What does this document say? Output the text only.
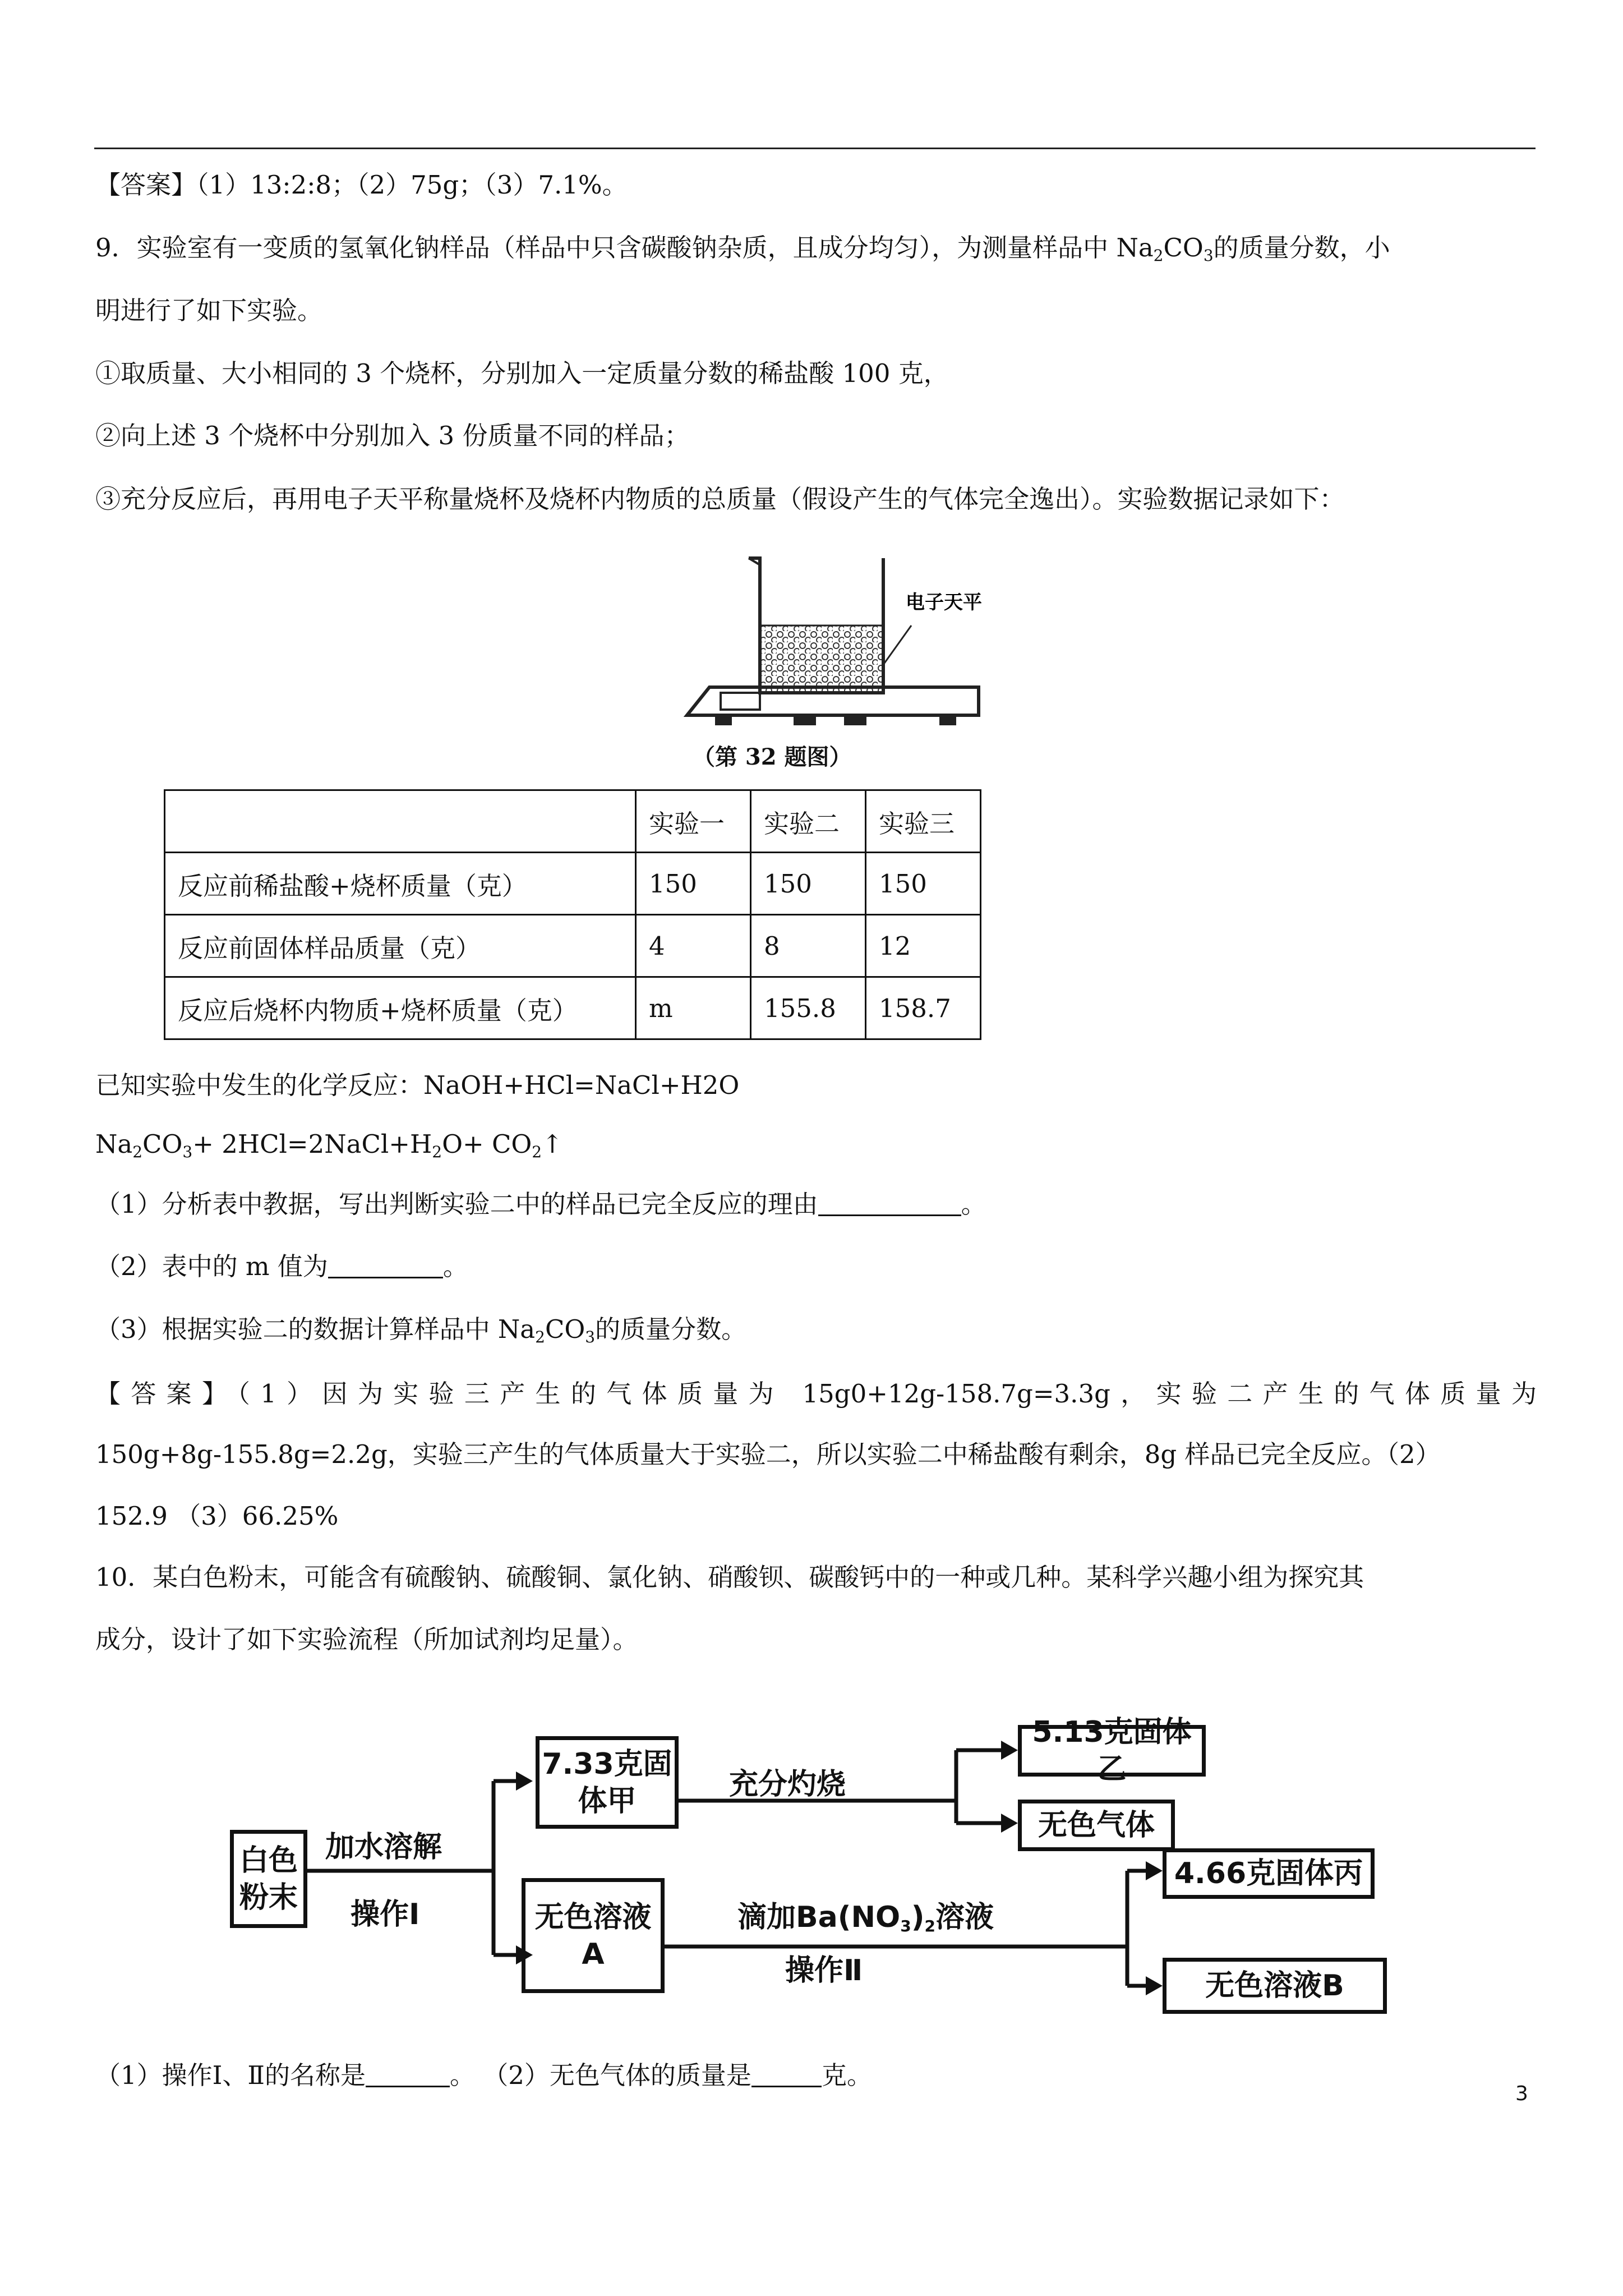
【答案】（1）13:2:8；（2）75g；（3）7.1%。
9．实验室有一变质的氢氧化钠样品（样品中只含碳酸钠杂质，且成分均匀），为测量样品中 $Na_2CO_3$的质量分数，小
明进行了如下实验。
①取质量、大小相同的 3 个烧杯，分别加入一定质量分数的稀盐酸 100 克，
②向上述 3 个烧杯中分别加入 3 份质量不同的样品；
③充分反应后，再用电子天平称量烧杯及烧杯内物质的总质量（假设产生的气体完全逸出）。实验数据记录如下：
电子天平
（第 32 题图）
	实验一	实验二	实验三
反应前稀盐酸+烧杯质量（克）	150	150	150
反应前固体样品质量（克）	4	8	12
反应后烧杯内物质+烧杯质量（克）	m	155.8	158.7
已知实验中发生的化学反应：NaOH+HCl=NaCl+H2O
$Na_2CO_3+$ $2HCl=2NaCl+H_2O+$ $CO_2↑$
（1）分析表中教据，写出判断实验二中的样品已完全反应的理由	。
（2）表中的 m 值为	。
（3）根据实验二的数据计算样品中 $Na_2CO_3$的质量分数。
【答案】（1）因为实验三产生的气体质量为 15g0+12g-158.7g=3.3g，实验二产生的气体质量为
150g+8g-155.8g=2.2g，实验三产生的气体质量大于实验二，所以实验二中稀盐酸有剩余，8g 样品已完全反应。（2）
152.9 （3）66.25%
10．某白色粉末，可能含有硫酸钠、硫酸铜、氯化钠、硝酸钡、碳酸钙中的一种或几种。某科学兴趣小组为探究其
成分，设计了如下实验流程（所加试剂均足量）。
白色粉末
加水溶解
操作Ⅰ
7.33克固体甲	充分灼烧
5.13克固体乙
无色气体
无色溶液A
滴加$Ba(NO_3)_2$溶液
操作Ⅱ
4.66克固体丙
无色溶液B
（1）操作Ⅰ、Ⅱ的名称是	。 （2）无色气体的质量是	克。
3
